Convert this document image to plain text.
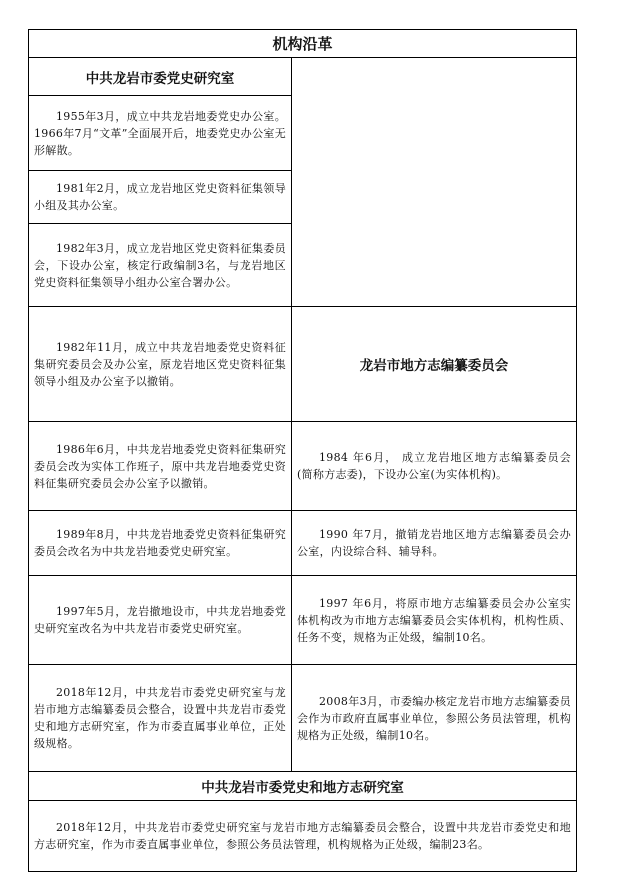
机构沿革	
中共龙岩市委党史研究室	

1955年3月，成立中共龙岩地委党史办公室。1966年7月“文革”全面展开后，地委党史办公室无形解散。	

1981年2月，成立龙岩地区党史资料征集领导小组及其办公室。	

1982年3月，成立龙岩地区党史资料征集委员会，下设办公室，核定行政编制3名，与龙岩地区党史资料征集领导小组办公室合署办公。	

1982年11月，成立中共龙岩地委党史资料征集研究委员会及办公室，原龙岩地区党史资料征集领导小组及办公室予以撤销。	

	龙岩市地方志编纂委员会

1986年6月，中共龙岩地委党史资料征集研究委员会改为实体工作班子，原中共龙岩地委党史资料征集研究委员会办公室予以撤销。	1984 年6月， 成立龙岩地区地方志编纂委员会(简称方志委)，下设办公室(为实体机构)。

1989年8月，中共龙岩地委党史资料征集研究委员会改名为中共龙岩地委党史研究室。	1990 年7月，撤销龙岩地区地方志编纂委员会办公室，内设综合科、辅导科。

1997年5月，龙岩撤地设市，中共龙岩地委党史研究室改名为中共龙岩市委党史研究室。	1997 年6月，将原市地方志编纂委员会办公室实体机构改为市地方志编纂委员会实体机构，机构性质、任务不变，规格为正处级，编制10名。

2018年12月，中共龙岩市委党史研究室与龙岩市地方志编纂委员会整合，设置中共龙岩市委党史和地方志研究室，作为市委直属事业单位，正处级规格。	2008年3月，市委编办核定龙岩市地方志编纂委员会作为市政府直属事业单位，参照公务员法管理，机构规格为正处级，编制10名。

中共龙岩市委党史和地方志研究室	

2018年12月，中共龙岩市委党史研究室与龙岩市地方志编纂委员会整合，设置中共龙岩市委党史和地方志研究室，作为市委直属事业单位，参照公务员法管理，机构规格为正处级，编制23名。	
